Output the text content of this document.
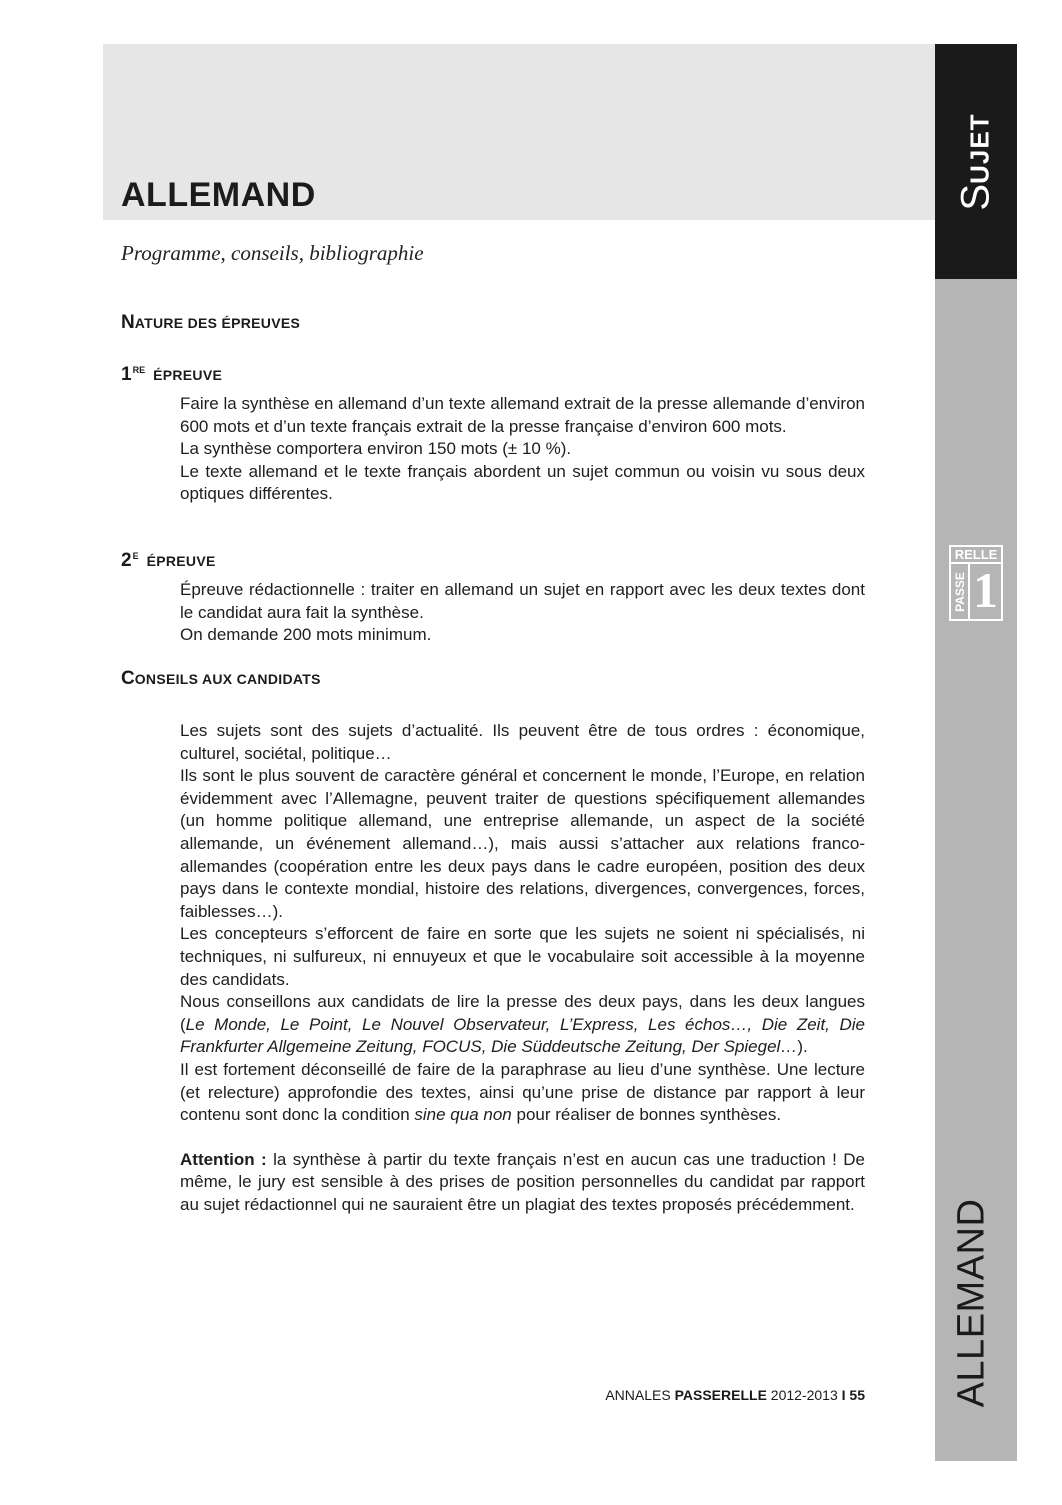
ALLEMAND
Programme, conseils, bibliographie
SUJET
RELLE
PASSE 1
ALLEMAND
NATURE DES ÉPREUVES
1RE ÉPREUVE

Faire la synthèse en allemand d’un texte allemand extrait de la presse allemande d’environ 600 mots et d’un texte français extrait de la presse française d’environ 600 mots.

La synthèse comportera environ 150 mots (± 10 %).

Le texte allemand et le texte français abordent un sujet commun ou voisin vu sous deux optiques différentes.

$2^E$ ÉPREUVE

Épreuve rédactionnelle : traiter en allemand un sujet en rapport avec les deux textes dont le candidat aura fait la synthèse.

On demande 200 mots minimum.

CONSEILS AUX CANDIDATS

Les sujets sont des sujets d’actualité. Ils peuvent être de tous ordres : économique, culturel, sociétal, politique…

Ils sont le plus souvent de caractère général et concernent le monde, l’Europe, en relation évidemment avec l’Allemagne, peuvent traiter de questions spécifiquement allemandes (un homme politique allemand, une entreprise allemande, un aspect de la société allemande, un événement allemand…), mais aussi s’attacher aux relations franco-allemandes (coopération entre les deux pays dans le cadre européen, position des deux pays dans le contexte mondial, histoire des relations, divergences, convergences, forces, faiblesses…).

Les concepteurs s’efforcent de faire en sorte que les sujets ne soient ni spécialisés, ni techniques, ni sulfureux, ni ennuyeux et que le vocabulaire soit accessible à la moyenne des candidats.

Nous conseillons aux candidats de lire la presse des deux pays, dans les deux langues (Le Monde, Le Point, Le Nouvel Observateur, L’Express, Les échos…, Die Zeit, Die Frankfurter Allgemeine Zeitung, FOCUS, Die Süddeutsche Zeitung, Der Spiegel…).

Il est fortement déconseillé de faire de la paraphrase au lieu d’une synthèse. Une lecture (et relecture) approfondie des textes, ainsi qu’une prise de distance par rapport à leur contenu sont donc la condition sine qua non pour réaliser de bonnes synthèses.

Attention : la synthèse à partir du texte français n’est en aucun cas une traduction ! De même, le jury est sensible à des prises de position personnelles du candidat par rapport au sujet rédactionnel qui ne sauraient être un plagiat des textes proposés précédemment.

ANNALES PASSERELLE 2012-2013 I 55
